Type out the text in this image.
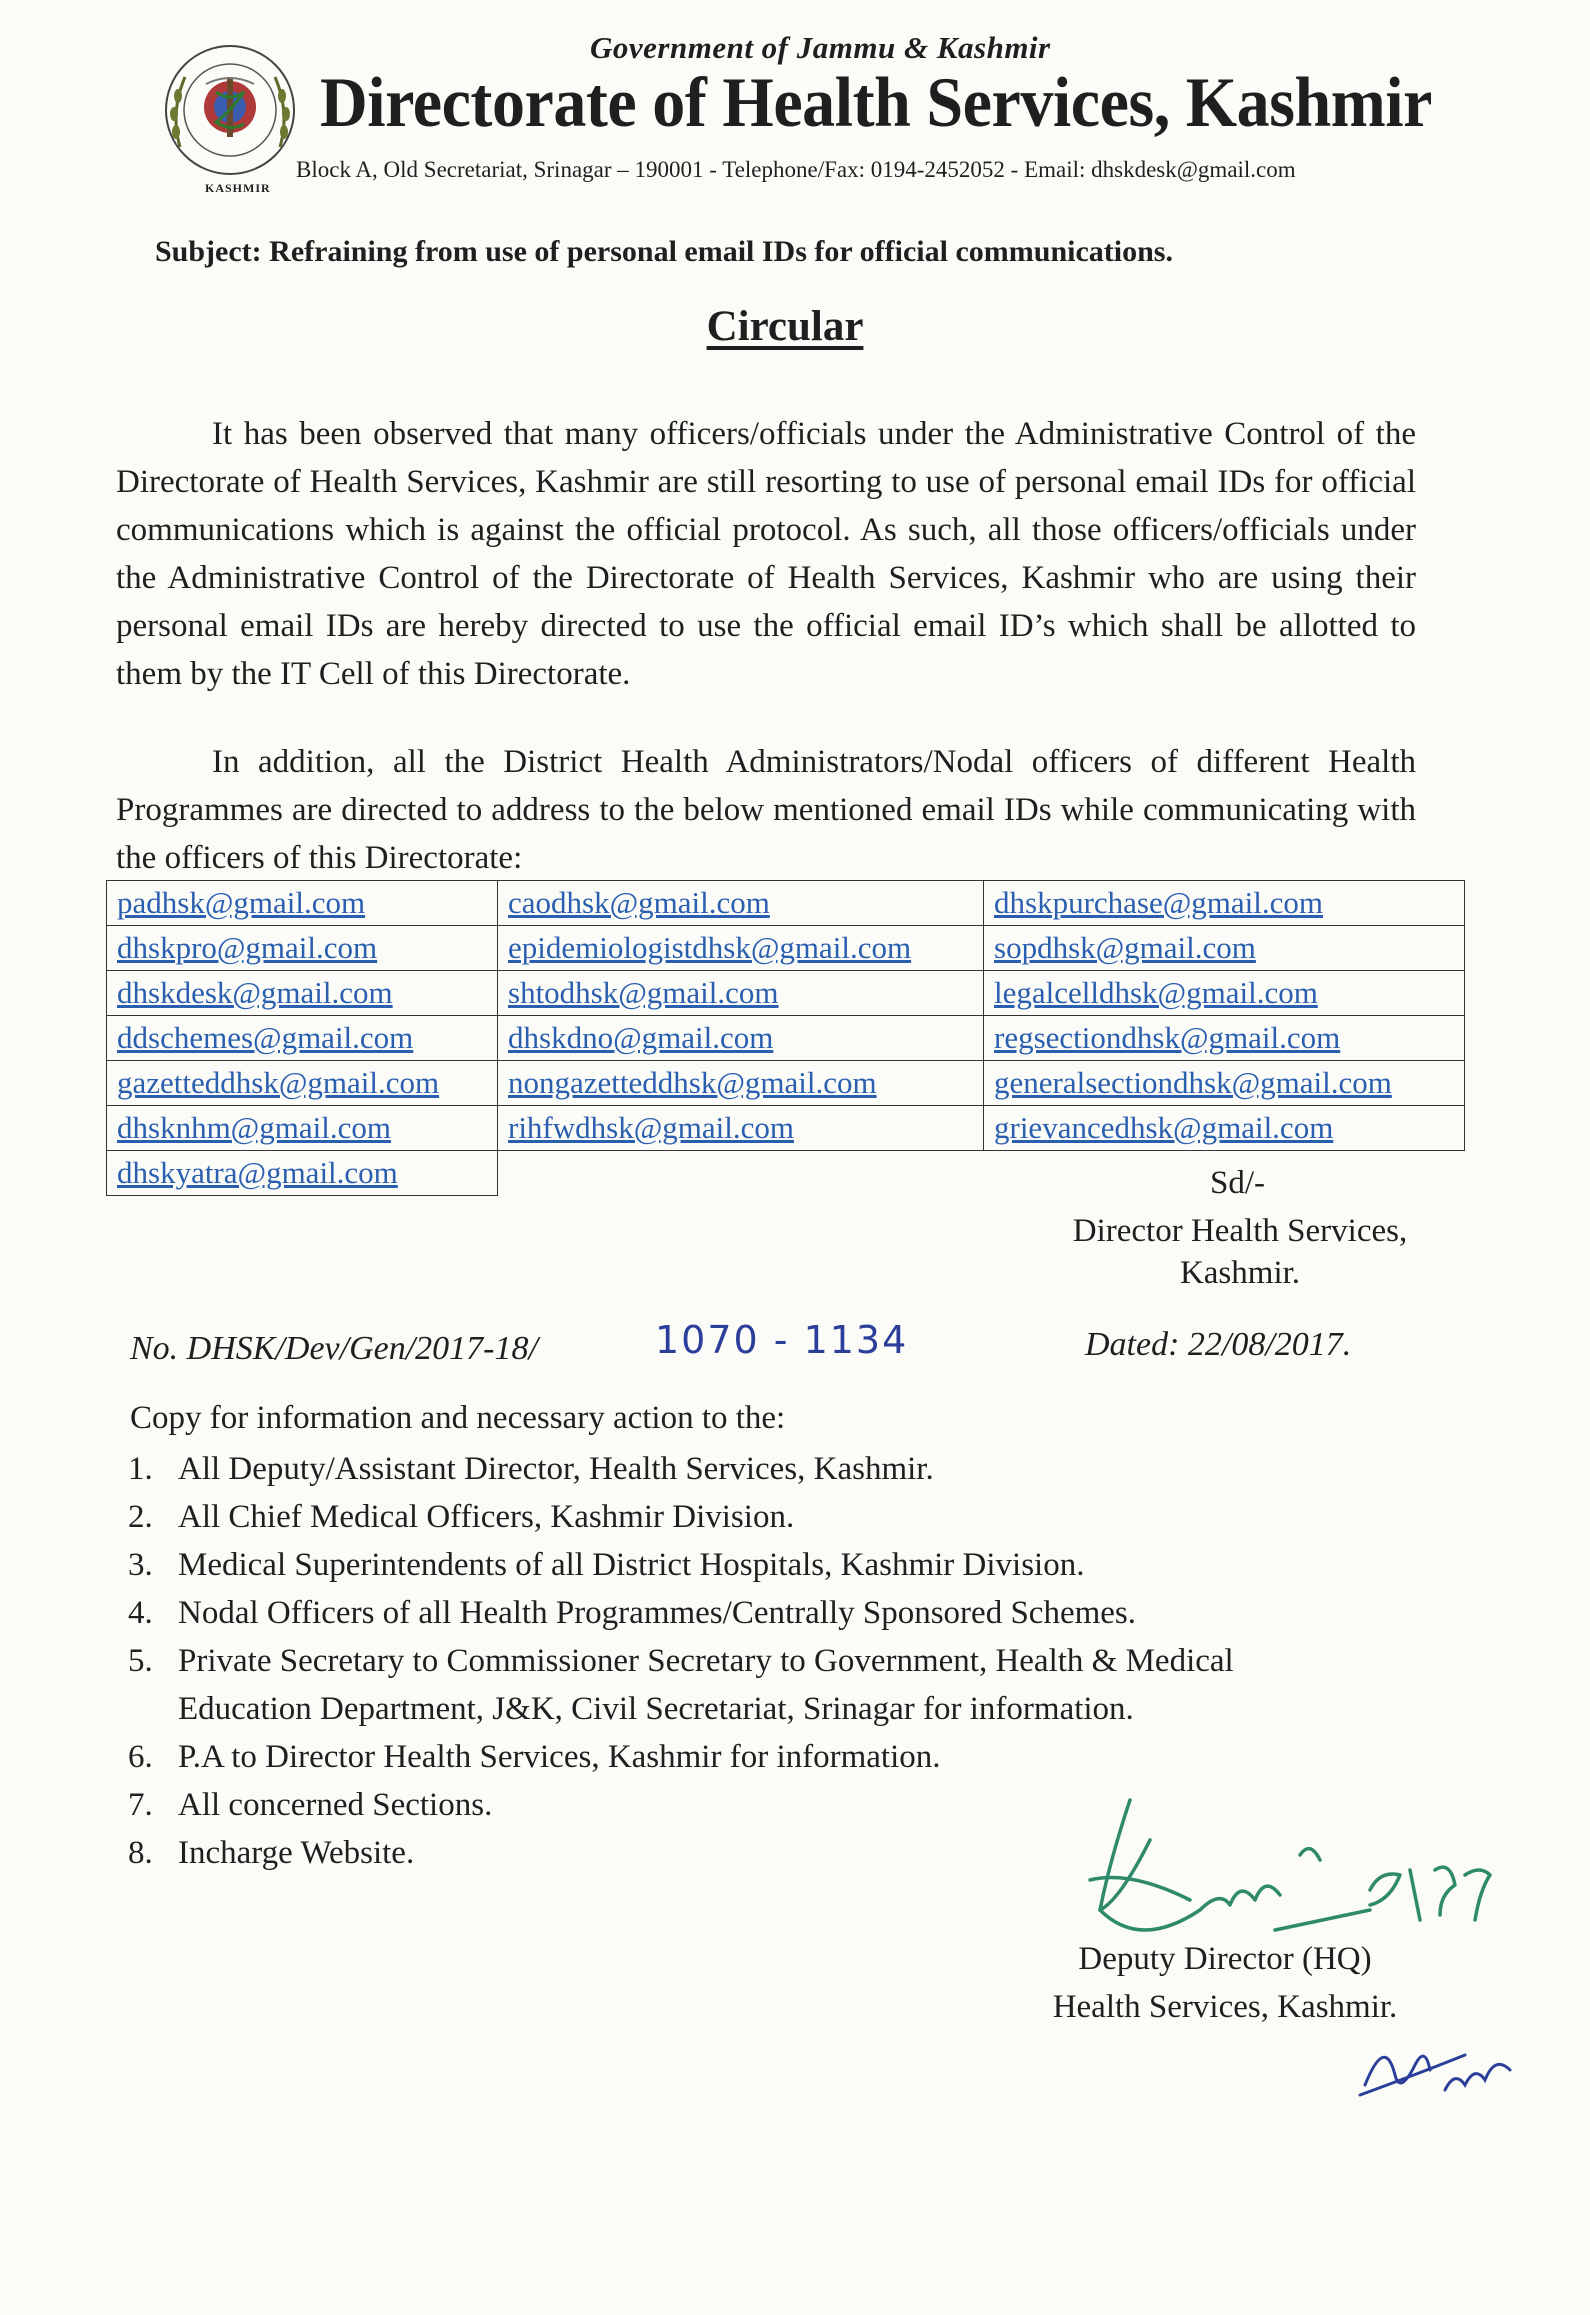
KASHMIR
Government of Jammu & Kashmir
Directorate of Health Services, Kashmir
Block A, Old Secretariat, Srinagar – 190001 - Telephone/Fax: 0194-2452052 - Email: dhskdesk@gmail.com
Subject: Refraining from use of personal email IDs for official communications.
Circular
It has been observed that many officers/officials under the Administrative Control of the Directorate of Health Services, Kashmir are still resorting to use of personal email IDs for official communications which is against the official protocol. As such, all those officers/officials under the Administrative Control of the Directorate of Health Services, Kashmir who are using their personal email IDs are hereby directed to use the official email ID’s which shall be allotted to them by the IT Cell of this Directorate.
In addition, all the District Health Administrators/Nodal officers of different Health Programmes are directed to address to the below mentioned email IDs while communicating with the officers of this Directorate:
padhsk@gmail.com	caodhsk@gmail.com	dhskpurchase@gmail.com
dhskpro@gmail.com	epidemiologistdhsk@gmail.com	sopdhsk@gmail.com
dhskdesk@gmail.com	shtodhsk@gmail.com	legalcelldhsk@gmail.com
ddschemes@gmail.com	dhskdno@gmail.com	regsectiondhsk@gmail.com
gazetteddhsk@gmail.com	nongazetteddhsk@gmail.com	generalsectiondhsk@gmail.com
dhsknhm@gmail.com	rihfwdhsk@gmail.com	grievancedhsk@gmail.com
dhskyatra@gmail.com			Sd/-
Director Health Services,
Kashmir.
No. DHSK/Dev/Gen/2017-18/	1070 - 1134	Dated: 22/08/2017.
Copy for information and necessary action to the:
1. All Deputy/Assistant Director, Health Services, Kashmir.
2. All Chief Medical Officers, Kashmir Division.
3. Medical Superintendents of all District Hospitals, Kashmir Division.
4. Nodal Officers of all Health Programmes/Centrally Sponsored Schemes.
5. Private Secretary to Commissioner Secretary to Government, Health & Medical Education Department, J&K, Civil Secretariat, Srinagar for information.
6. P.A to Director Health Services, Kashmir for information.
7. All concerned Sections.
8. Incharge Website.
Deputy Director (HQ)
Health Services, Kashmir.
